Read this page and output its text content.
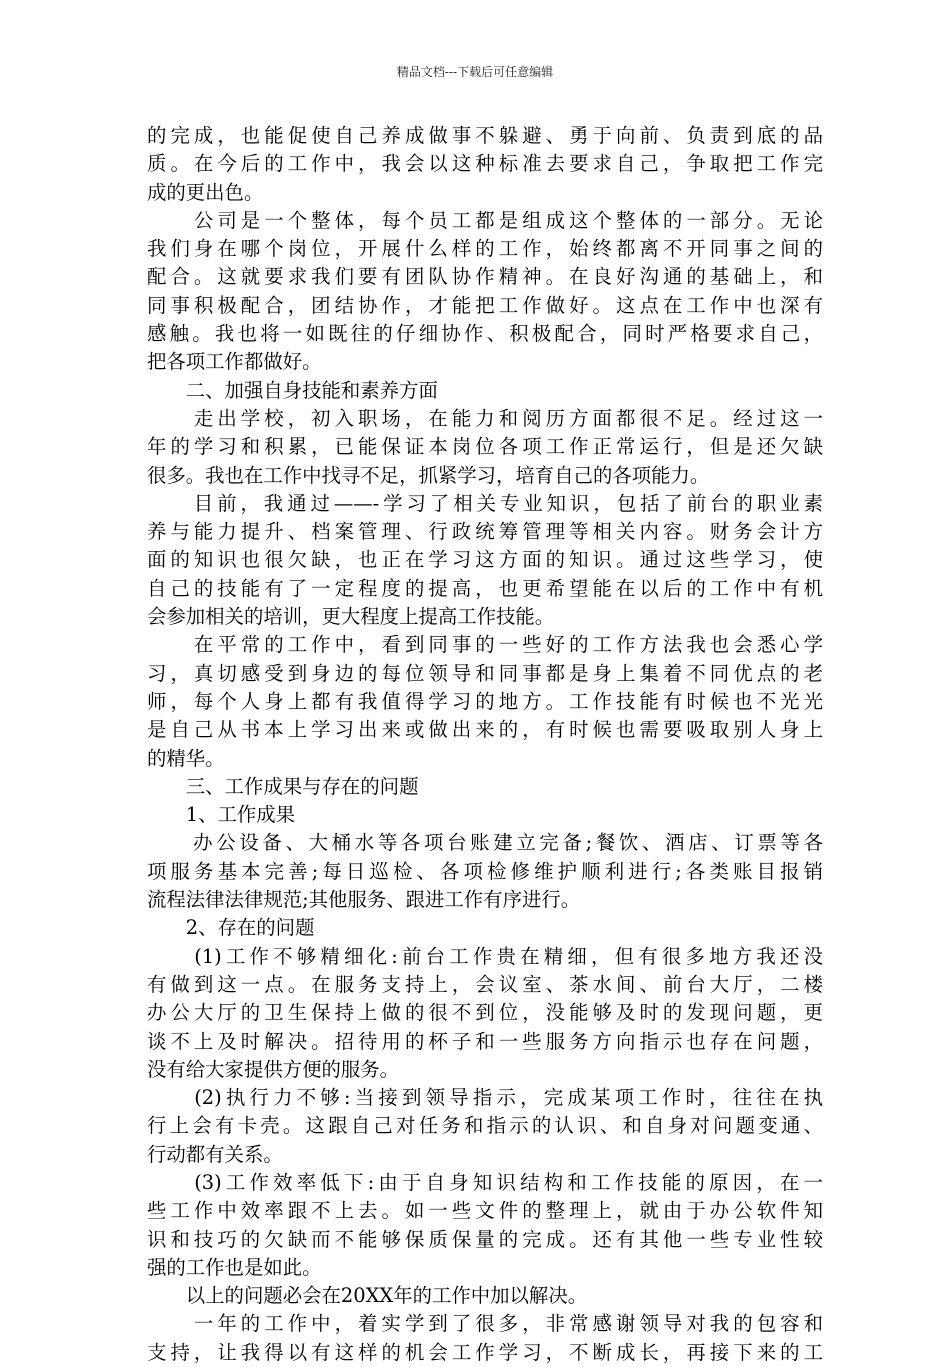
精品文档---下载后可任意编辑
的完成，也能促使自己养成做事不躲避、勇于向前、负责到底的品
质。在今后的工作中，我会以这种标准去要求自己，争取把工作完
成的更出色。
　　公司是一个整体，每个员工都是组成这个整体的一部分。无论
我们身在哪个岗位，开展什么样的工作，始终都离不开同事之间的
配合。这就要求我们要有团队协作精神。在良好沟通的基础上，和
同事积极配合，团结协作，才能把工作做好。这点在工作中也深有
感触。我也将一如既往的仔细协作、积极配合，同时严格要求自己，
把各项工作都做好。
　　二、加强自身技能和素养方面
　　走出学校，初入职场，在能力和阅历方面都很不足。经过这一
年的学习和积累，已能保证本岗位各项工作正常运行，但是还欠缺
很多。我也在工作中找寻不足，抓紧学习，培育自己的各项能力。
　　目前，我通过——-学习了相关专业知识，包括了前台的职业素
养与能力提升、档案管理、行政统筹管理等相关内容。财务会计方
面的知识也很欠缺，也正在学习这方面的知识。通过这些学习，使
自己的技能有了一定程度的提高，也更希望能在以后的工作中有机
会参加相关的培训，更大程度上提高工作技能。
　　在平常的工作中，看到同事的一些好的工作方法我也会悉心学
习，真切感受到身边的每位领导和同事都是身上集着不同优点的老
师，每个人身上都有我值得学习的地方。工作技能有时候也不光光
是自己从书本上学习出来或做出来的，有时候也需要吸取别人身上
的精华。
　　三、工作成果与存在的问题
　　1、工作成果
　　办公设备、大桶水等各项台账建立完备;餐饮、酒店、订票等各
项服务基本完善;每日巡检、各项检修维护顺利进行;各类账目报销
流程法律法律规范;其他服务、跟进工作有序进行。
　　2、存在的问题
　　(1)工作不够精细化:前台工作贵在精细，但有很多地方我还没
有做到这一点。在服务支持上，会议室、茶水间、前台大厅，二楼
办公大厅的卫生保持上做的很不到位，没能够及时的发现问题，更
谈不上及时解决。招待用的杯子和一些服务方向指示也存在问题，
没有给大家提供方便的服务。
　　(2)执行力不够:当接到领导指示，完成某项工作时，往往在执
行上会有卡壳。这跟自己对任务和指示的认识、和自身对问题变通、
行动都有关系。
　　(3)工作效率低下:由于自身知识结构和工作技能的原因，在一
些工作中效率跟不上去。如一些文件的整理上，就由于办公软件知
识和技巧的欠缺而不能够保质保量的完成。还有其他一些专业性较
强的工作也是如此。
　　以上的问题必会在20XX年的工作中加以解决。
　　一年的工作中，着实学到了很多，非常感谢领导对我的包容和
支持，让我得以有这样的机会工作学习，不断成长，再接下来的工
